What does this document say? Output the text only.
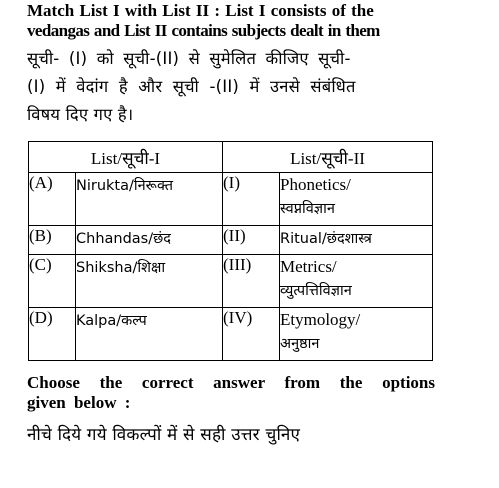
Match List I with List II : List I consists of the
vedangas and List II contains subjects dealt in them
सूची- (I) को सूची-(II) से सुमेलित कीजिए सूची-
(I) में वेदांग है और सूची -(II) में उनसे संबंधित
विषय दिए गए है।
List/सूची-I		List/सूची-II	
(A)	Nirukta/निरूक्त	(I)	Phonetics/
स्वप्नविज्ञान

(B)	Chhandas/छंद	(II)	Ritual/छंदशास्त्र
(C)	Shiksha/शिक्षा	(III)	Metrics/
व्युत्पत्तिविज्ञान

(D)	Kalpa/कल्प	(IV)	Etymology/
अनुष्ठान
Choose the correct answer from the options
given below :
नीचे दिये गये विकल्पों में से सही उत्तर चुनिए
